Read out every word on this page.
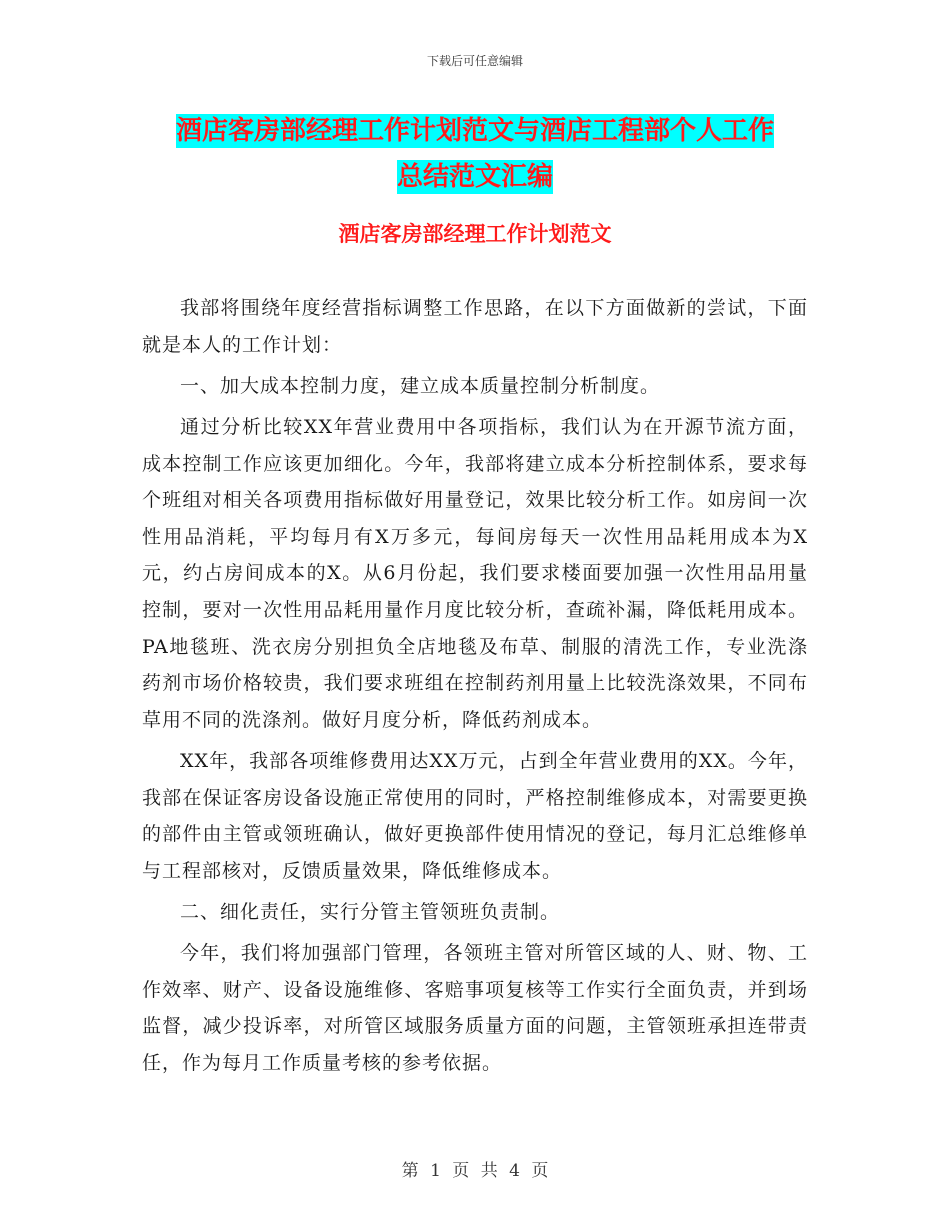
下载后可任意编辑
酒店客房部经理工作计划范文与酒店工程部个人工作
总结范文汇编
酒店客房部经理工作计划范文

我部将围绕年度经营指标调整工作思路，在以下方面做新的尝试，下面就是本人的工作计划：

一、加大成本控制力度，建立成本质量控制分析制度。

通过分析比较XX年营业费用中各项指标，我们认为在开源节流方面，成本控制工作应该更加细化。今年，我部将建立成本分析控制体系，要求每个班组对相关各项费用指标做好用量登记，效果比较分析工作。如房间一次性用品消耗，平均每月有X万多元，每间房每天一次性用品耗用成本为X元，约占房间成本的X。从6月份起，我们要求楼面要加强一次性用品用量控制，要对一次性用品耗用量作月度比较分析，查疏补漏，降低耗用成本。PA地毯班、洗衣房分别担负全店地毯及布草、制服的清洗工作，专业洗涤药剂市场价格较贵，我们要求班组在控制药剂用量上比较洗涤效果，不同布草用不同的洗涤剂。做好月度分析，降低药剂成本。

XX年，我部各项维修费用达XX万元，占到全年营业费用的XX。今年，我部在保证客房设备设施正常使用的同时，严格控制维修成本，对需要更换的部件由主管或领班确认，做好更换部件使用情况的登记，每月汇总维修单与工程部核对，反馈质量效果，降低维修成本。

二、细化责任，实行分管主管领班负责制。

今年，我们将加强部门管理，各领班主管对所管区域的人、财、物、工作效率、财产、设备设施维修、客赔事项复核等工作实行全面负责，并到场监督，减少投诉率，对所管区域服务质量方面的问题，主管领班承担连带责任，作为每月工作质量考核的参考依据。

第 1 页 共 4 页
